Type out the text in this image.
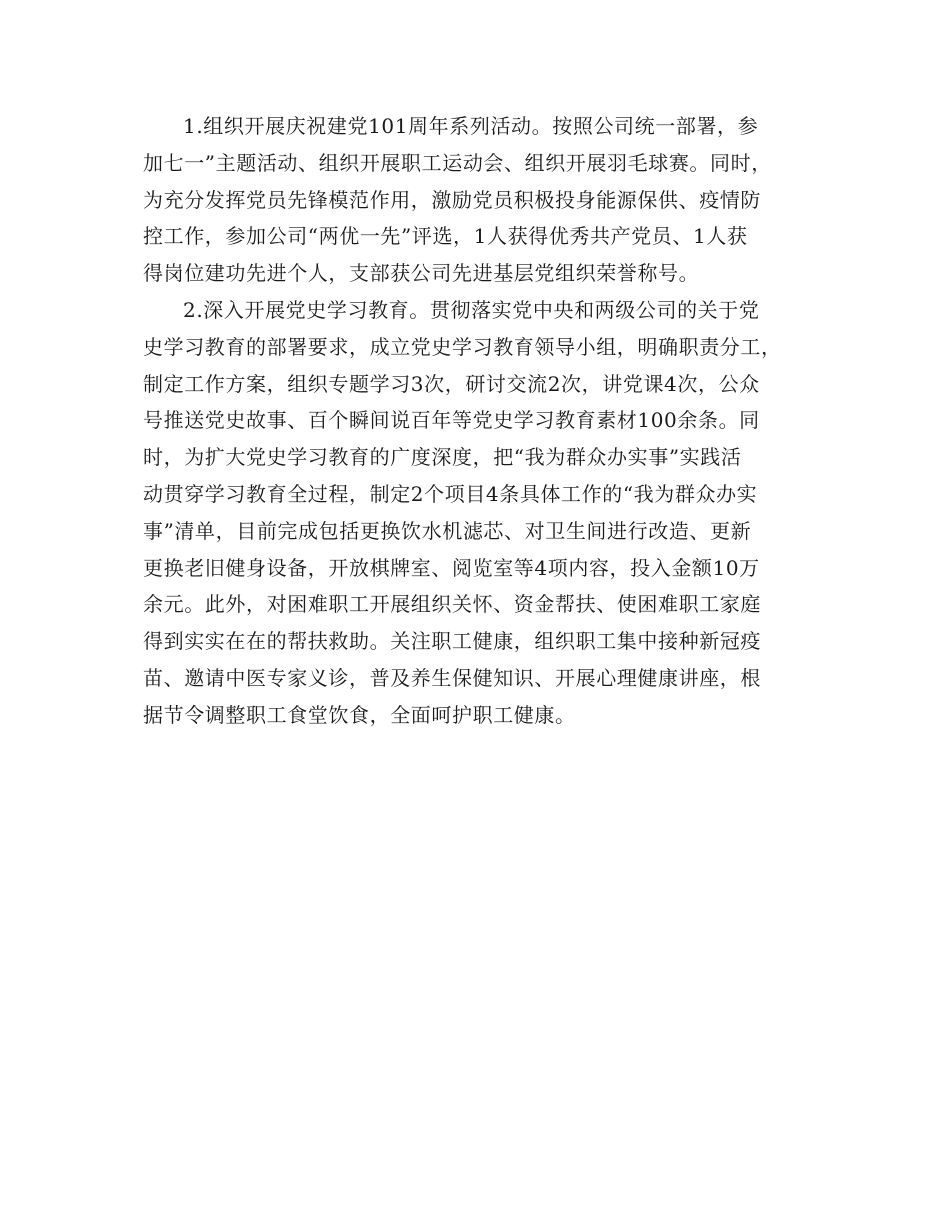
1.组织开展庆祝建党101周年系列活动。按照公司统一部署，参
加七一”主题活动、组织开展职工运动会、组织开展羽毛球赛。同时，
为充分发挥党员先锋模范作用，激励党员积极投身能源保供、疫情防
控工作，参加公司“两优一先”评选，1人获得优秀共产党员、1人获
得岗位建功先进个人，支部获公司先进基层党组织荣誉称号。

2.深入开展党史学习教育。贯彻落实党中央和两级公司的关于党
史学习教育的部署要求，成立党史学习教育领导小组，明确职责分工，
制定工作方案，组织专题学习3次，研讨交流2次，讲党课4次，公众
号推送党史故事、百个瞬间说百年等党史学习教育素材100余条。同
时，为扩大党史学习教育的广度深度，把“我为群众办实事”实践活
动贯穿学习教育全过程，制定2个项目4条具体工作的“我为群众办实
事”清单，目前完成包括更换饮水机滤芯、对卫生间进行改造、更新
更换老旧健身设备，开放棋牌室、阅览室等4项内容，投入金额10万
余元。此外，对困难职工开展组织关怀、资金帮扶、使困难职工家庭
得到实实在在的帮扶救助。关注职工健康，组织职工集中接种新冠疫
苗、邀请中医专家义诊，普及养生保健知识、开展心理健康讲座，根
据节令调整职工食堂饮食，全面呵护职工健康。
